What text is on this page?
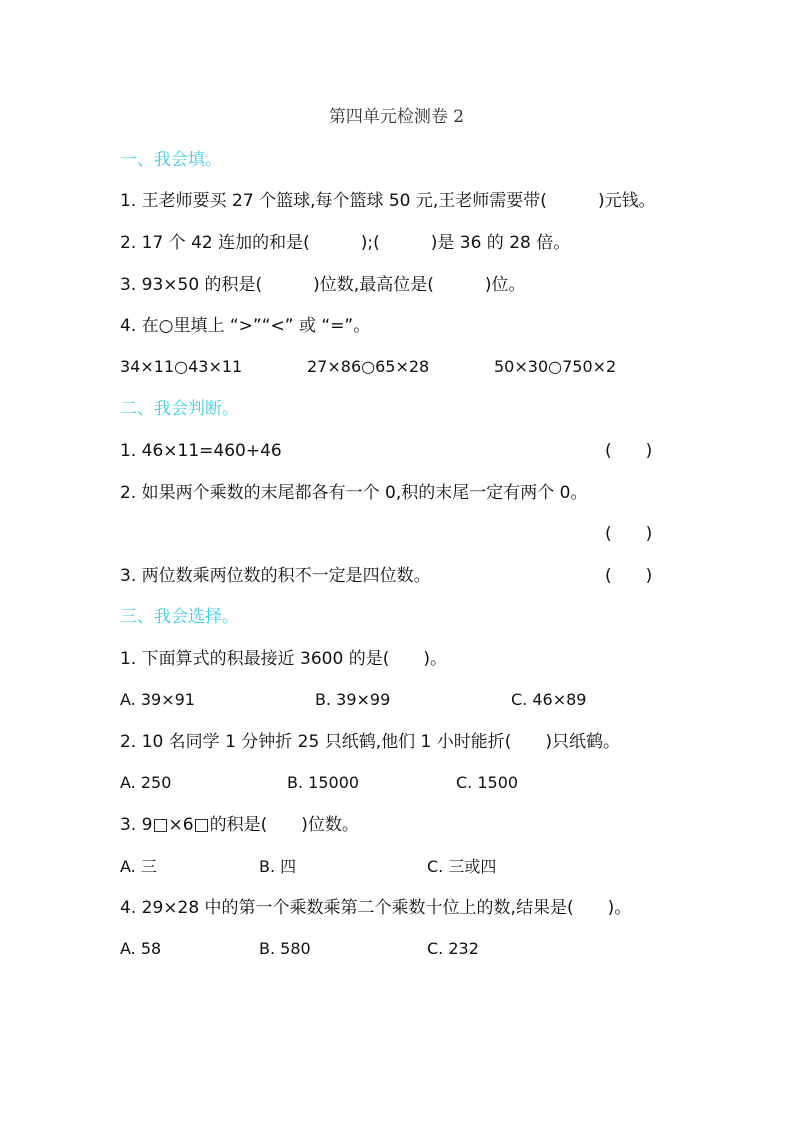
第四单元检测卷 2
一、我会填。
1. 王老师要买 27 个篮球,每个篮球 50 元,王老师需要带(　　　)元钱。
2. 17 个 42 连加的和是(　　　);(　　　)是 36 的 28 倍。
3. 93×50 的积是(　　　)位数,最高位是(　　　)位。
4. 在○里填上 “>”“<” 或 “=”。
34×11○43×11	27×86○65×28	50×30○750×2
二、我会判断。
1. 46×11=460+46	(　　)
2. 如果两个乘数的末尾都各有一个 0,积的末尾一定有两个 0。
(　　)
3. 两位数乘两位数的积不一定是四位数。	(　　)
三、我会选择。
1. 下面算式的积最接近 3600 的是(　　)。
A. 39×91	B. 39×99	C. 46×89
2. 10 名同学 1 分钟折 25 只纸鹤,他们 1 小时能折(　　)只纸鹤。
A. 250	B. 15000	C. 1500
3. 9□×6□的积是(　　)位数。
A. 三	B. 四	C. 三或四
4. 29×28 中的第一个乘数乘第二个乘数十位上的数,结果是(　　)。
A. 58	B. 580	C. 232
